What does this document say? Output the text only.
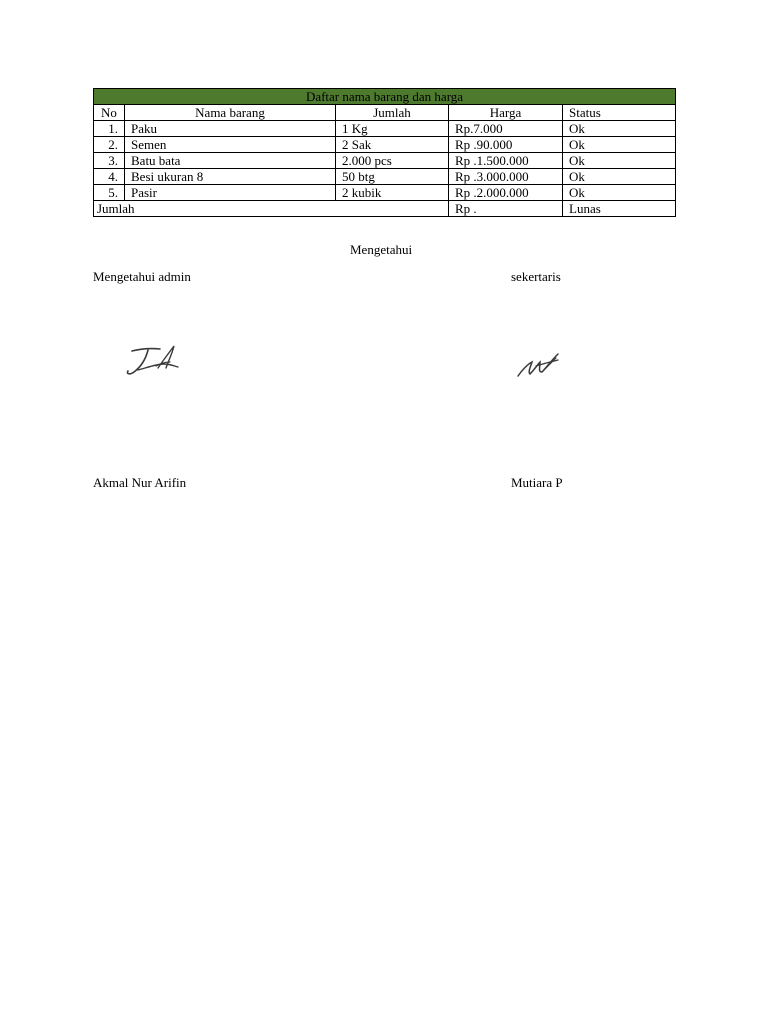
Daftar nama barang dan harga				
No	Nama barang	Jumlah	Harga	Status
1.	Paku	1 Kg	Rp.7.000	Ok
2.	Semen	2 Sak	Rp .90.000	Ok
3.	Batu bata	2.000 pcs	Rp .1.500.000	Ok
4.	Besi ukuran 8	50 btg	Rp .3.000.000	Ok
5.	Pasir	2 kubik	Rp .2.000.000	Ok
Jumlah			Rp .	Lunas
Mengetahui
Mengetahui admin	sekertaris
Akmal Nur Arifin	Mutiara P
